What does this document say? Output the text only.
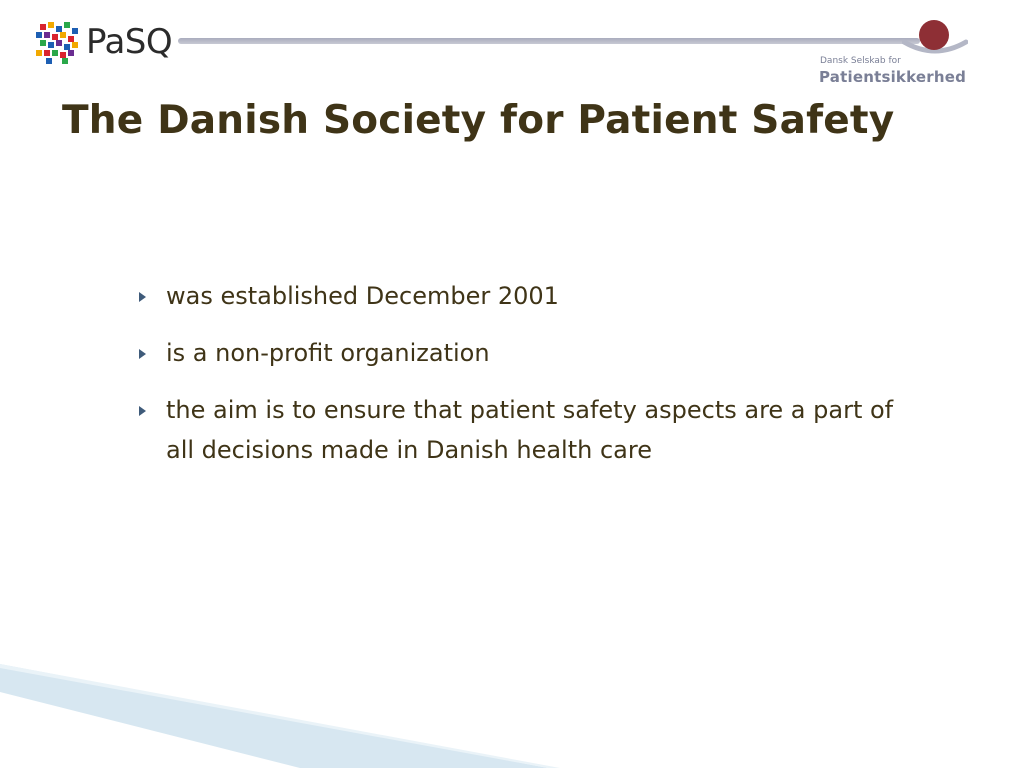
PaSQ	Dansk Selskab for
Patientsikkerhed
The Danish Society for Patient Safety
was established December 2001
is a non-profit organization
the aim is to ensure that patient safety aspects are a part of all decisions made in Danish health care
